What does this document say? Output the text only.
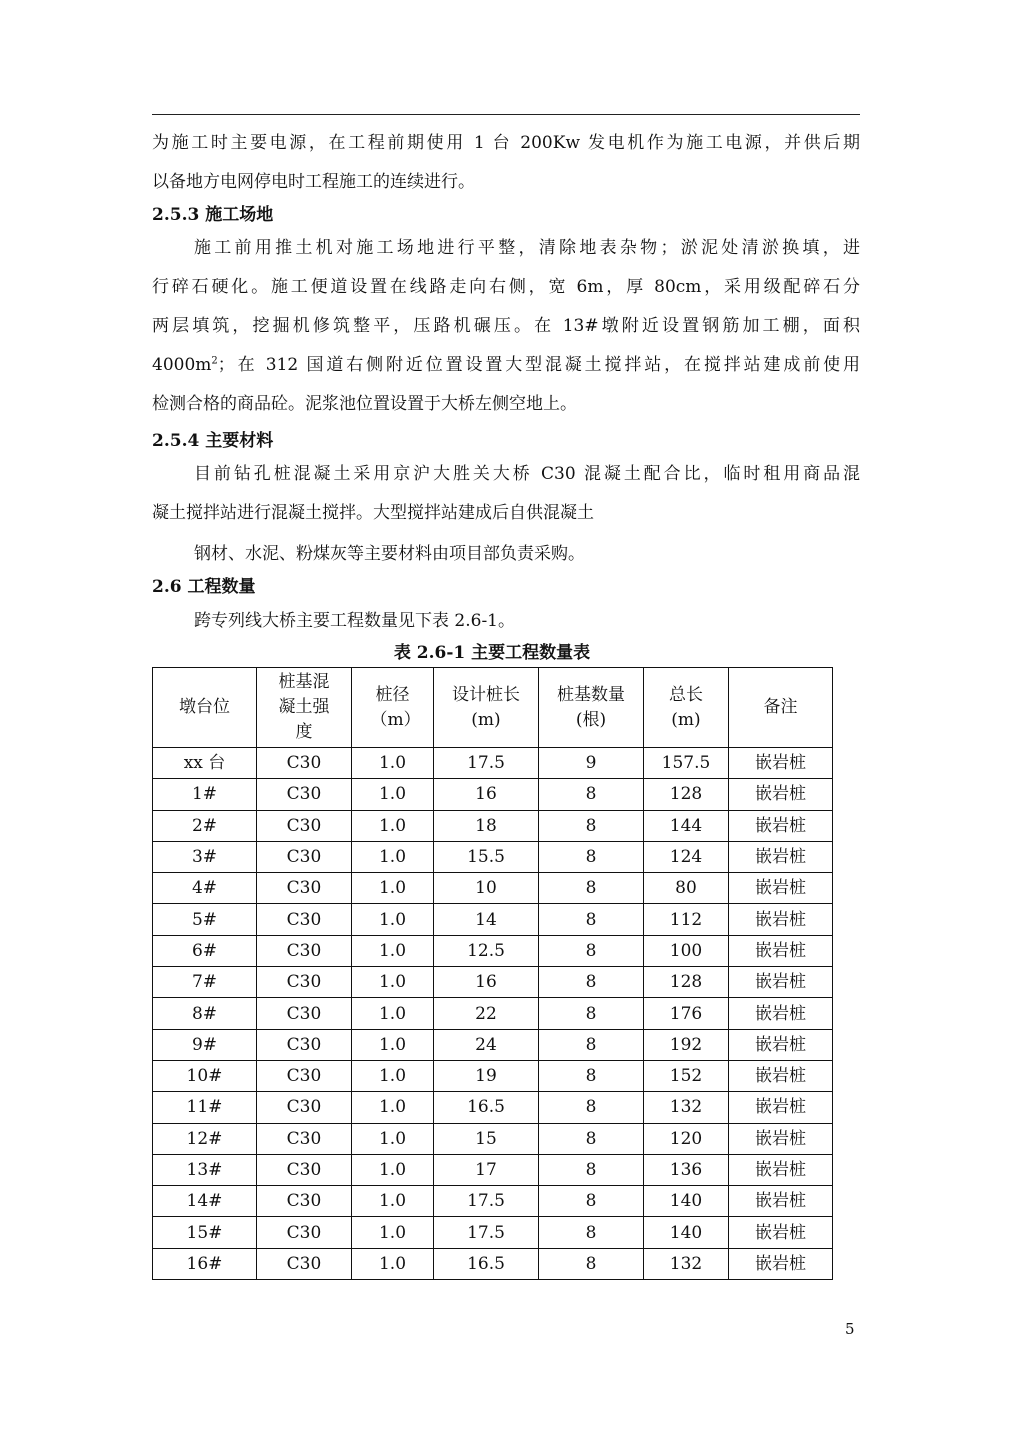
为施工时主要电源，在工程前期使用 1 台 200Kw 发电机作为施工电源，并供后期
以备地方电网停电时工程施工的连续进行。
2.5.3 施工场地
施工前用推土机对施工场地进行平整，清除地表杂物；淤泥处清淤换填，进
行碎石硬化。施工便道设置在线路走向右侧，宽 6m，厚 80cm，采用级配碎石分
两层填筑，挖掘机修筑整平，压路机碾压。在 13#墩附近设置钢筋加工棚，面积
$4000m^2$；在 312 国道右侧附近位置设置大型混凝土搅拌站，在搅拌站建成前使用
检测合格的商品砼。泥浆池位置设置于大桥左侧空地上。
2.5.4 主要材料
目前钻孔桩混凝土采用京沪大胜关大桥 C30 混凝土配合比，临时租用商品混
凝土搅拌站进行混凝土搅拌。大型搅拌站建成后自供混凝土
钢材、水泥、粉煤灰等主要材料由项目部负责采购。
2.6 工程数量
跨专列线大桥主要工程数量见下表 2.6-1。
表 2.6-1 主要工程数量表
墩台位	桩基混凝土强度	桩径（m）	设计桩长(m)	桩基数量(根)	总长(m)	备注
xx 台	C30	1.0	17.5	9	157.5	嵌岩桩
1#	C30	1.0	16	8	128	嵌岩桩
2#	C30	1.0	18	8	144	嵌岩桩
3#	C30	1.0	15.5	8	124	嵌岩桩
4#	C30	1.0	10	8	80	嵌岩桩
5#	C30	1.0	14	8	112	嵌岩桩
6#	C30	1.0	12.5	8	100	嵌岩桩
7#	C30	1.0	16	8	128	嵌岩桩
8#	C30	1.0	22	8	176	嵌岩桩
9#	C30	1.0	24	8	192	嵌岩桩
10#	C30	1.0	19	8	152	嵌岩桩
11#	C30	1.0	16.5	8	132	嵌岩桩
12#	C30	1.0	15	8	120	嵌岩桩
13#	C30	1.0	17	8	136	嵌岩桩
14#	C30	1.0	17.5	8	140	嵌岩桩
15#	C30	1.0	17.5	8	140	嵌岩桩
16#	C30	1.0	16.5	8	132	嵌岩桩
5
